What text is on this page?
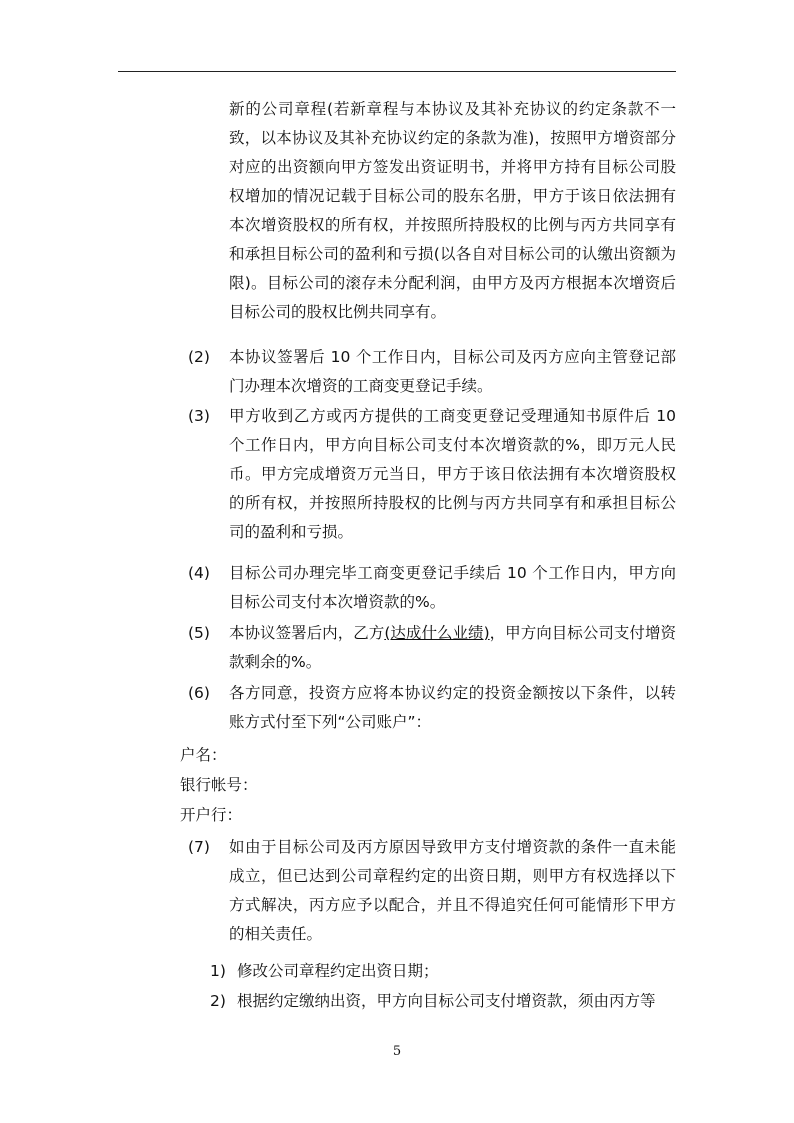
新的公司章程(若新章程与本协议及其补充协议的约定条款不一致，以本协议及其补充协议约定的条款为准)，按照甲方增资部分对应的出资额向甲方签发出资证明书，并将甲方持有目标公司股权增加的情况记载于目标公司的股东名册，甲方于该日依法拥有本次增资股权的所有权，并按照所持股权的比例与丙方共同享有和承担目标公司的盈利和亏损(以各自对目标公司的认缴出资额为限)。目标公司的滚存未分配利润，由甲方及丙方根据本次增资后目标公司的股权比例共同享有。
(2) 本协议签署后 10 个工作日内，目标公司及丙方应向主管登记部门办理本次增资的工商变更登记手续。
(3) 甲方收到乙方或丙方提供的工商变更登记受理通知书原件后 10 个工作日内，甲方向目标公司支付本次增资款的%，即万元人民币。甲方完成增资万元当日，甲方于该日依法拥有本次增资股权的所有权，并按照所持股权的比例与丙方共同享有和承担目标公司的盈利和亏损。
(4) 目标公司办理完毕工商变更登记手续后 10 个工作日内，甲方向目标公司支付本次增资款的%。
(5) 本协议签署后内，乙方(达成什么业绩)，甲方向目标公司支付增资款剩余的%。
(6) 各方同意，投资方应将本协议约定的投资金额按以下条件，以转账方式付至下列“公司账户”：
户名：
银行帐号：
开户行：
(7) 如由于目标公司及丙方原因导致甲方支付增资款的条件一直未能成立，但已达到公司章程约定的出资日期，则甲方有权选择以下方式解决，丙方应予以配合，并且不得追究任何可能情形下甲方的相关责任。
1) 修改公司章程约定出资日期；
2) 根据约定缴纳出资，甲方向目标公司支付增资款，须由丙方等
5
